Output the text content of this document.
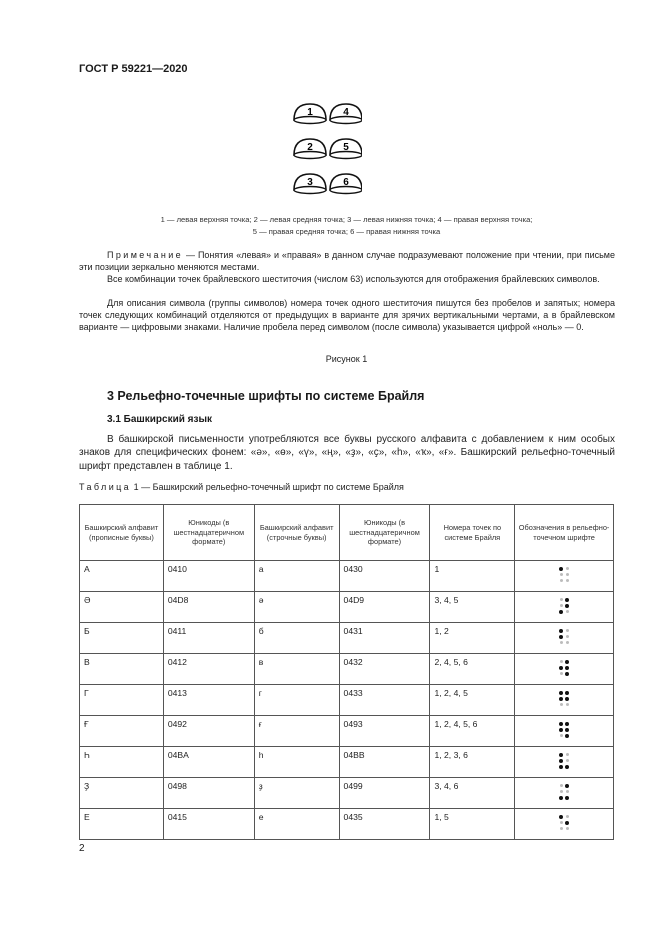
ГОСТ Р 59221—2020
1	4
2	5
3	6
1 — левая верхняя точка; 2 — левая средняя точка; 3 — левая нижняя точка; 4 — правая верхняя точка;
5 — правая средняя точка; 6 — правая нижняя точка
Примечание — Понятия «левая» и «правая» в данном случае подразумевают положение при чтении, при письме эти позиции зеркально меняются местами.
Все комбинации точек брайлевского шеститочия (числом 63) используются для отображения брайлевских символов.
Для описания символа (группы символов) номера точек одного шеститочия пишутся без пробелов и запятых; номера точек следующих комбинаций отделяются от предыдущих в варианте для зрячих вертикальными чертами, а в брайлевском варианте — цифровыми знаками. Наличие пробела перед символом (после символа) указывается цифрой «ноль» — 0.
Рисунок 1
3 Рельефно-точечные шрифты по системе Брайля
3.1 Башкирский язык
В башкирской письменности употребляются все буквы русского алфавита с добавлением к ним особых знаков для специфических фонем: «ә», «ө», «ү», «ң», «ҙ», «ҫ», «һ», «ҡ», «ғ». Башкирский рельефно-точечный шрифт представлен в таблице 1.
Таблица 1 — Башкирский рельефно-точечный шрифт по системе Брайля
Башкирский алфавит (прописные буквы)	Юникоды (в шестнадцатеричном формате)	Башкирский алфавит (строчные буквы)	Юникоды (в шестнадцатеричном формате)	Номера точек по системе Брайля	Обозначения в рельефно-точечном шрифте
А	0410	а	0430	1	

Ә	04D8	ә	04D9	3, 4, 5	

Б	0411	б	0431	1, 2	

В	0412	в	0432	2, 4, 5, 6	

Г	0413	г	0433	1, 2, 4, 5	

Ғ	0492	ғ	0493	1, 2, 4, 5, 6	

Һ	04BA	һ	04BB	1, 2, 3, 6	

Ҙ	0498	ҙ	0499	3, 4, 6	

Е	0415	е	0435	1, 5	
2
